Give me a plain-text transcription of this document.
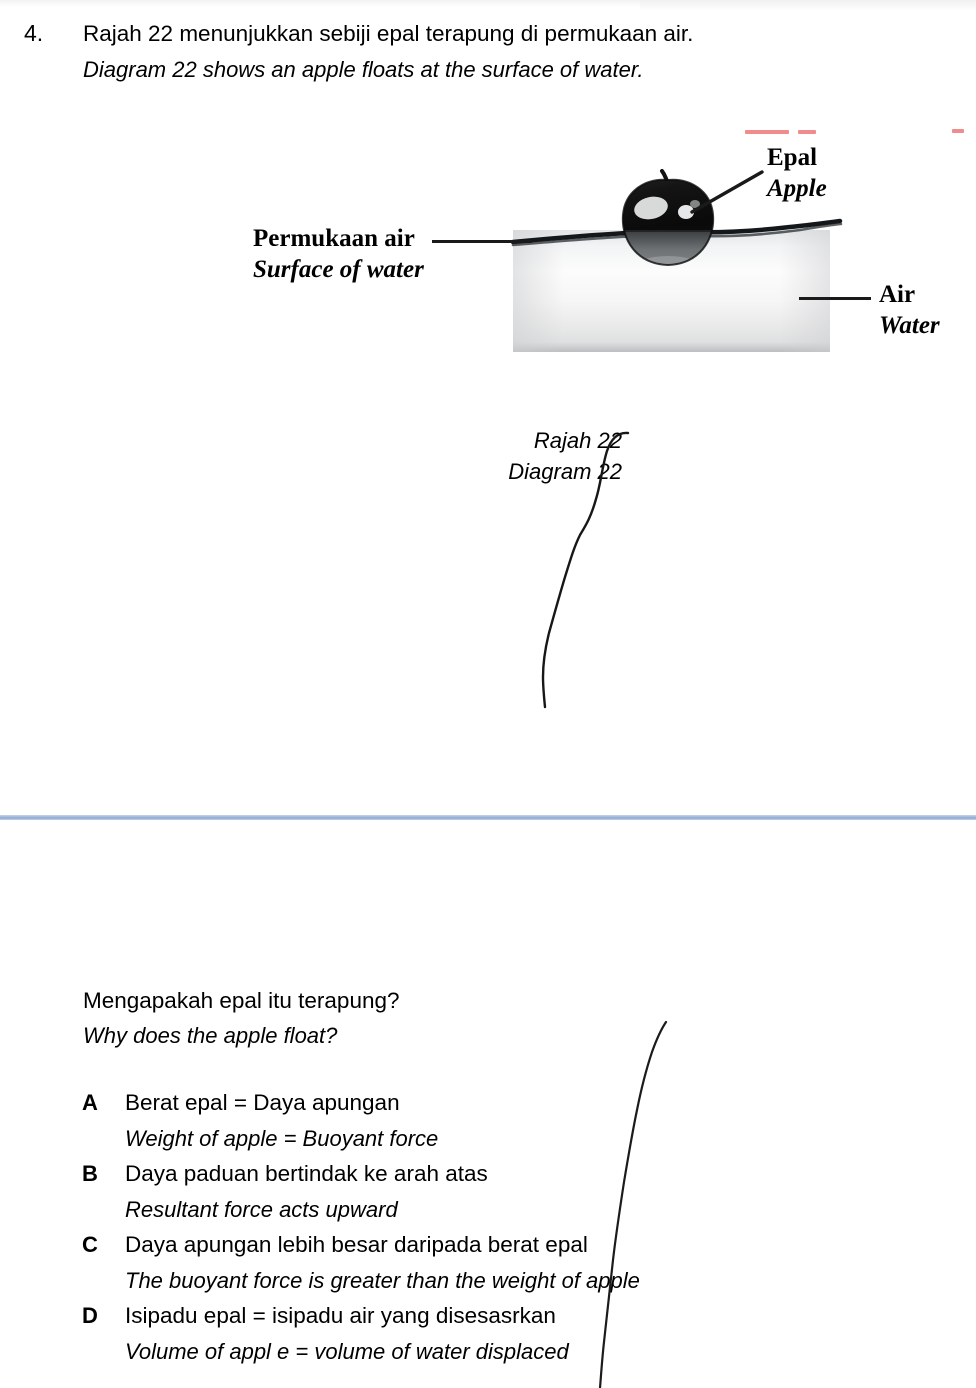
4. Rajah 22 menunjukkan sebiji epal terapung di permukaan air.
Diagram 22 shows an apple floats at the surface of water.
Permukaan air
Surface of water
Epal
Apple
Air
Water
Rajah 22
Diagram 22
Mengapakah epal itu terapung?
Why does the apple float?
A Berat epal = Daya apungan
Weight of apple = Buoyant force
B Daya paduan bertindak ke arah atas
Resultant force acts upward
C Daya apungan lebih besar daripada berat epal
The buoyant force is greater than the weight of apple
D Isipadu epal = isipadu air yang disesasrkan
Volume of appl e = volume of water displaced
